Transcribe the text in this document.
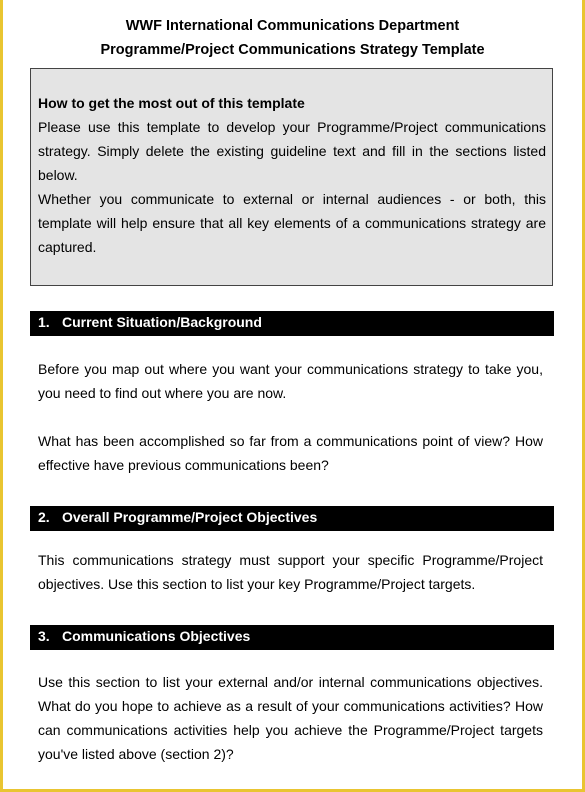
WWF International Communications Department
Programme/Project Communications Strategy Template

How to get the most out of this template

Please use this template to develop your Programme/Project communications strategy. Simply delete the existing guideline text and fill in the sections listed below.

Whether you communicate to external or internal audiences - or both, this template will help ensure that all key elements of a communications strategy are captured.

1. Current Situation/Background

Before you map out where you want your communications strategy to take you, you need to find out where you are now.

What has been accomplished so far from a communications point of view? How effective have previous communications been?

2. Overall Programme/Project Objectives

This communications strategy must support your specific Programme/Project objectives. Use this section to list your key Programme/Project targets.

3. Communications Objectives

Use this section to list your external and/or internal communications objectives. What do you hope to achieve as a result of your communications activities? How can communications activities help you achieve the Programme/Project targets you've listed above (section 2)?
